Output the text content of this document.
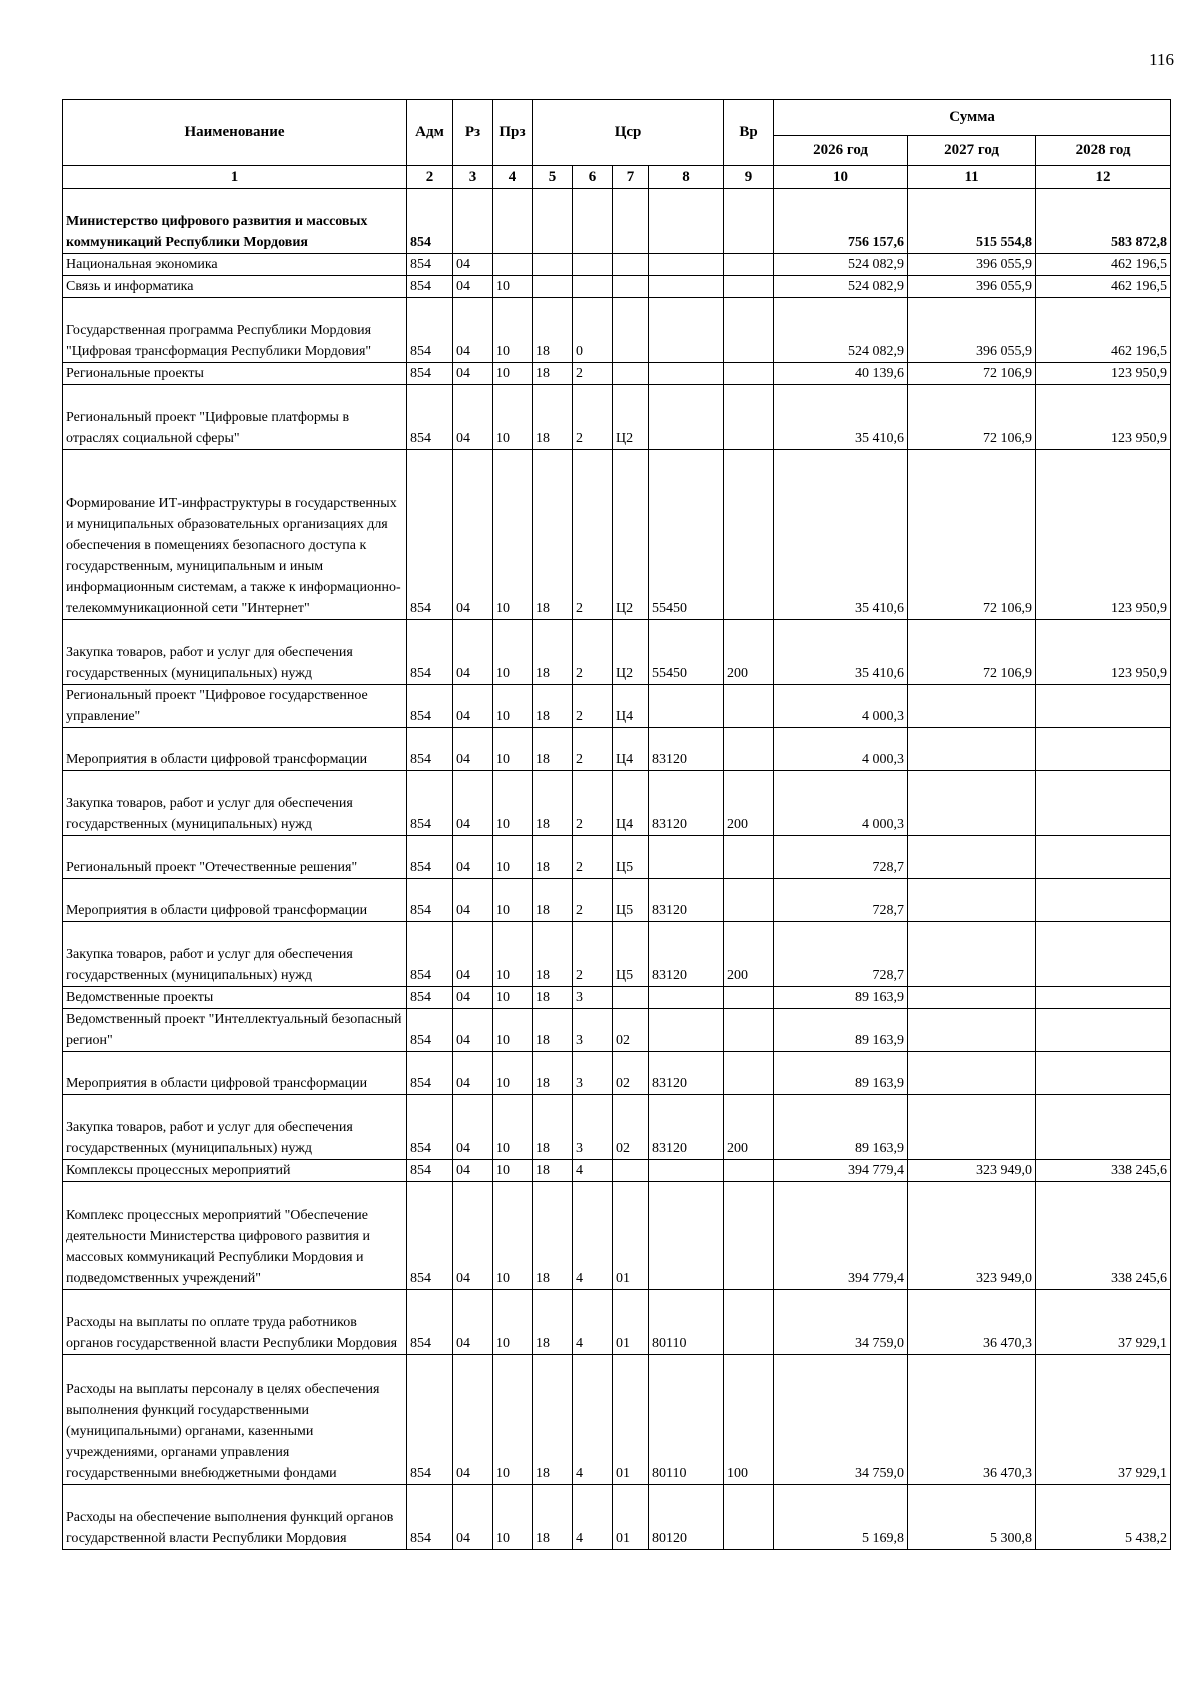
116
Наименование	Адм	Рз	Прз	Цср				Вр	Сумма		
									2026 год	2027 год	2028 год
1	2	3	4	5	6	7	8	9	10	11	12
Министерство цифрового развития и массовых коммуникаций Республики Мордовия	854								756 157,6	515 554,8	583 872,8
Национальная экономика	854	04							524 082,9	396 055,9	462 196,5
Связь и информатика	854	04	10						524 082,9	396 055,9	462 196,5
Государственная программа Республики Мордовия "Цифровая трансформация Республики Мордовия"	854	04	10	18	0				524 082,9	396 055,9	462 196,5
Региональные проекты	854	04	10	18	2				40 139,6	72 106,9	123 950,9
Региональный проект "Цифровые платформы в отраслях социальной сферы"	854	04	10	18	2	Ц2			35 410,6	72 106,9	123 950,9
Формирование ИТ-инфраструктуры в государственных и муниципальных образовательных организациях для обеспечения в помещениях безопасного доступа к государственным, муниципальным и иным информационным системам, а также к информационно-телекоммуникационной сети "Интернет"	854	04	10	18	2	Ц2	55450		35 410,6	72 106,9	123 950,9
Закупка товаров, работ и услуг для обеспечения государственных (муниципальных) нужд	854	04	10	18	2	Ц2	55450	200	35 410,6	72 106,9	123 950,9
Региональный проект "Цифровое государственное управление"	854	04	10	18	2	Ц4			4 000,3		
Мероприятия в области цифровой трансформации	854	04	10	18	2	Ц4	83120		4 000,3		
Закупка товаров, работ и услуг для обеспечения государственных (муниципальных) нужд	854	04	10	18	2	Ц4	83120	200	4 000,3		
Региональный проект "Отечественные решения"	854	04	10	18	2	Ц5			728,7		
Мероприятия в области цифровой трансформации	854	04	10	18	2	Ц5	83120		728,7		
Закупка товаров, работ и услуг для обеспечения государственных (муниципальных) нужд	854	04	10	18	2	Ц5	83120	200	728,7		
Ведомственные проекты	854	04	10	18	3				89 163,9		
Ведомственный проект "Интеллектуальный безопасный регион"	854	04	10	18	3	02			89 163,9		
Мероприятия в области цифровой трансформации	854	04	10	18	3	02	83120		89 163,9		
Закупка товаров, работ и услуг для обеспечения государственных (муниципальных) нужд	854	04	10	18	3	02	83120	200	89 163,9		
Комплексы процессных мероприятий	854	04	10	18	4				394 779,4	323 949,0	338 245,6
Комплекс процессных мероприятий "Обеспечение деятельности Министерства цифрового развития и массовых коммуникаций Республики Мордовия и подведомственных учреждений"	854	04	10	18	4	01			394 779,4	323 949,0	338 245,6
Расходы на выплаты по оплате труда работников органов государственной власти Республики Мордовия	854	04	10	18	4	01	80110		34 759,0	36 470,3	37 929,1
Расходы на выплаты персоналу в целях обеспечения выполнения функций государственными (муниципальными) органами, казенными учреждениями, органами управления государственными внебюджетными фондами	854	04	10	18	4	01	80110	100	34 759,0	36 470,3	37 929,1
Расходы на обеспечение выполнения функций органов государственной власти Республики Мордовия	854	04	10	18	4	01	80120		5 169,8	5 300,8	5 438,2
